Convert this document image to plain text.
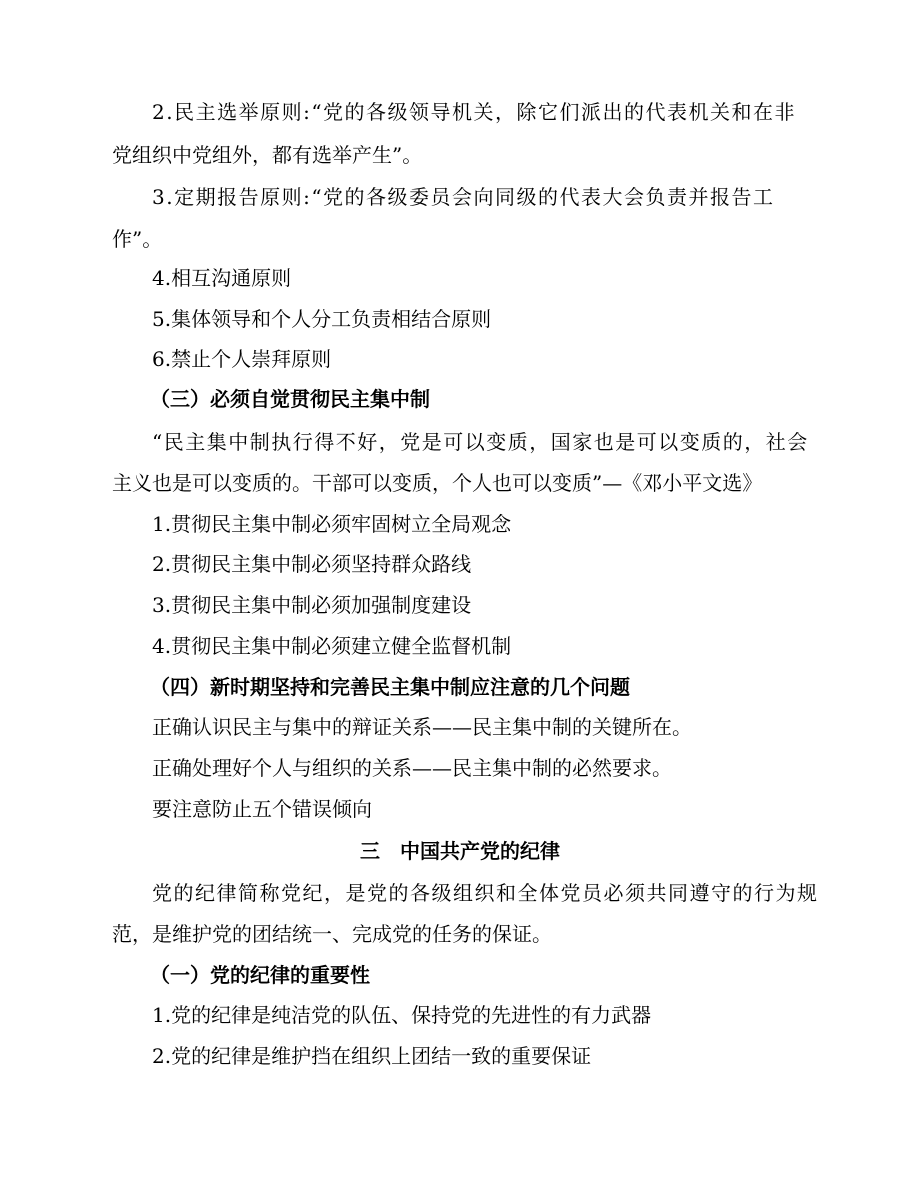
2.民主选举原则:“党的各级领导机关，除它们派出的代表机关和在非
党组织中党组外，都有选举产生”。
3.定期报告原则:“党的各级委员会向同级的代表大会负责并报告工
作”。
4.相互沟通原则
5.集体领导和个人分工负责相结合原则
6.禁止个人崇拜原则
（三）必须自觉贯彻民主集中制
“民主集中制执行得不好，党是可以变质，国家也是可以变质的，社会
主义也是可以变质的。干部可以变质，个人也可以变质”—《邓小平文选》
1.贯彻民主集中制必须牢固树立全局观念
2.贯彻民主集中制必须坚持群众路线
3.贯彻民主集中制必须加强制度建设
4.贯彻民主集中制必须建立健全监督机制
（四）新时期坚持和完善民主集中制应注意的几个问题
正确认识民主与集中的辩证关系——民主集中制的关键所在。
正确处理好个人与组织的关系——民主集中制的必然要求。
要注意防止五个错误倾向
三　中国共产党的纪律
党的纪律简称党纪，是党的各级组织和全体党员必须共同遵守的行为规
范，是维护党的团结统一、完成党的任务的保证。
（一）党的纪律的重要性
1.党的纪律是纯洁党的队伍、保持党的先进性的有力武器
2.党的纪律是维护挡在组织上团结一致的重要保证
